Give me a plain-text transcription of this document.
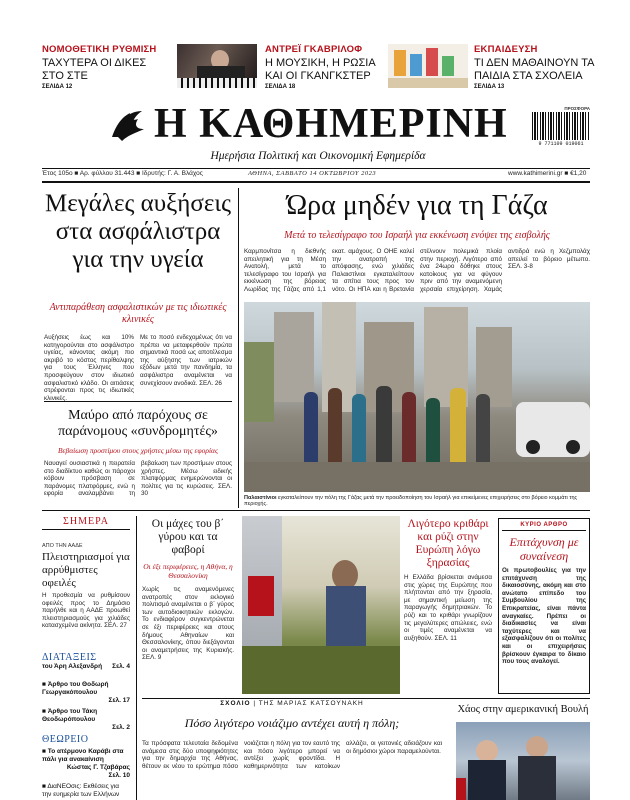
ΝΟΜΟΘΕΤΙΚΗ ΡΥΘΜΙΣΗ
ΤΑΧΥΤΕΡΑ ΟΙ ΔΙΚΕΣ ΣΤΟ ΣΤΕ
ΣΕΛΙΔΑ 12
ΑΝΤΡΕΪ ΓΚΑΒΡΙΛΟΦ
Η ΜΟΥΣΙΚΗ, Η ΡΩΣΙΑ ΚΑΙ ΟΙ ΓΚΑΝΓΚΣΤΕΡ
ΣΕΛΙΔΑ 18
ΕΚΠΑΙΔΕΥΣΗ
ΤΙ ΔΕΝ ΜΑΘΑΙΝΟΥΝ ΤΑ ΠΑΙΔΙΑ ΣΤΑ ΣΧΟΛΕΙΑ
ΣΕΛΙΔΑ 13
Η ΚΑΘΗΜΕΡΙΝΗ
Ημερήσια Πολιτική και Οικονομική Εφημερίδα
ΠΡΟΣΦΟΡΑ
9 771109 019061
Έτος 105ο ■ Αρ. φύλλου 31.443 ■ Ιδρυτής: Γ. Α. Βλάχος	ΑΘΗΝΑ, ΣΑΒΒΑΤΟ 14 ΟΚΤΩΒΡΙΟΥ 2023	www.kathimerini.gr ■ €1,20
Μεγάλες αυξήσεις στα ασφάλιστρα για την υγεία
Αντιπαράθεση ασφαλιστικών με τις ιδιωτικές κλινικές
Αυξήσεις έως και 10% κατηγορούνται στο ασφάλιστρο υγείας, κάνοντας ακόμη πιο ακριβό το κόστος περίθαλψης για τους Έλληνες που προσφεύγουν στον ιδιωτικό ασφαλιστικό κλάδο. Οι αιτιάσεις στρέφονται προς τις ιδιωτικές κλινικές.
Με το ποσό ενδεχομένως ότι να πρέπει να μεταφερθούν πρώτα σημαντικά ποσά ως αποτέλεσμα της αύξησης των ιατρικών εξόδων μετά την πανδημία, τα ασφάλιστρα αναμένεται να συνεχίσουν ανοδικά. ΣΕΛ. 26
Μαύρο από παρόχους σε παράνομους «συνδρομητές»
Βεβαίωση προστίμου στους χρήστες μέσω της εφορίας
Ναυαγεί ουσιαστικά η πειρατεία στο διαδίκτυο καθώς οι πάροχοι κόβουν πρόσβαση σε παράνομες πλατφόρμες, ενώ η εφορία αναλαμβάνει τη βεβαίωση των προστίμων στους χρήστες. Μέσω ειδικής πλατφόρμας ενημερώνονται οι πολίτες για τις κυρώσεις. ΣΕΛ. 30
Ώρα μηδέν για τη Γάζα
Μετά το τελεσίγραφο του Ισραήλ για εκκένωση ενόψει της εισβολής
Καρμπονίτσα η διεθνής απειλητική για τη Μέση Ανατολή, μετά το τελεσίγραφο του Ισραήλ για εκκένωση της βόρειας Λωρίδας της Γάζας από 1,1 εκατ. αμάχους. Ο ΟΗΕ καλεί την ανατροπή της απόφασης, ενώ χιλιάδες Παλαιστίνιοι εγκαταλείπουν τα σπίτια τους προς τον νότο. Οι ΗΠΑ και η Βρετανία στέλνουν πολεμικά πλοία στην περιοχή. Λιγότερο από ένα 24ωρο δόθηκε στους κατοίκους για να φύγουν πριν από την αναμενόμενη χερσαία επιχείρηση. Χαμάς αντιδρά ενώ η Χεζμπολάχ απειλεί το βόρειο μέτωπο. ΣΕΛ. 3-8
Παλαιστίνιοι εγκαταλείπουν την πόλη της Γάζας μετά την προειδοποίηση του Ισραήλ για επικείμενες επιχειρήσεις στο βόρειο κομμάτι της περιοχής.
ΣΗΜΕΡΑ
ΑΠΟ ΤΗΝ ΑΑΔΕ
Πλειστηριασμοί για αρρύθμιστες οφειλές
Η προθεσμία να ρυθμίσουν οφειλές προς το Δημόσιο παρήλθε και η ΑΑΔΕ προωθεί πλειστηριασμούς για χιλιάδες κατασχεμένα ακίνητα. ΣΕΛ. 27
ΔΙΑΤΑΞΕΙΣ
του Άρη Αλεξανδρή Σελ. 4
■ Άρθρο του Θοδωρή Γεωργακόπουλου
Σελ. 17
■ Άρθρο του Τάκη Θεοδωρόπουλου
Σελ. 2
ΘΕΩΡΕΙΟ
■ Το ατέρμονο Καράβι στα πάλι για ανακαίνιση
Κώστας Γ. Τζαβάρας
Σελ. 10
■ ΔιαΝΕΟσις: Εκθέσεις για την ευημερία των Ελλήνων
Οι μάχες του β΄ γύρου και τα φαβορί
Οι έξι περιφέρειες, η Αθήνα, η Θεσσαλονίκη
Χωρίς τις αναμενόμενες ανατροπές στον εκλογικό πολιτισμό αναμένεται ο β΄ γύρος των αυτοδιοικητικών εκλογών. Το ενδιαφέρον συγκεντρώνεται σε έξι περιφέρειες και στους δήμους Αθηναίων και Θεσσαλονίκης, όπου διεξάγονται οι αναμετρήσεις της Κυριακής. ΣΕΛ. 9
Λιγότερο κριθάρι και ρύζι στην Ευρώπη λόγω ξηρασίας
Η Ελλάδα βρίσκεται ανάμεσα στις χώρες της Ευρώπης που πλήττονται από την ξηρασία, με σημαντική μείωση της παραγωγής δημητριακών. Το ρύζι και το κριθάρι γνωρίζουν τις μεγαλύτερες απώλειες, ενώ οι τιμές αναμένεται να αυξηθούν. ΣΕΛ. 11
ΚΥΡΙΟ ΑΡΘΡΟ
Επιτάχυνση με συναίνεση
Οι πρωτοβουλίες για την επιτάχυνση της δικαιοσύνης, ακόμη και στο ανώτατο επίπεδο του Συμβουλίου της Επικρατείας, είναι πάντα αναγκαίες. Πρέπει οι διαδικασίες να είναι ταχύτερες και να εξασφαλίζουν ότι οι πολίτες και οι επιχειρήσεις βρίσκουν έγκαιρα το δίκαιο που τους αναλογεί.
ΣΧΟΛΙΟ | ΤΗΣ ΜΑΡΙΑΣ ΚΑΤΣΟΥΝΑΚΗ
Πόσο λιγότερο νοιάζιμο αντέχει αυτή η πόλη;
Τα πρόσφατα τελευταία δεδομένα ανάμεσα στις δύο υποψηφιότητες για την δημαρχία της Αθήνας, θέτουν εκ νέου το ερώτημα πόσο νοιάζεται η πόλη για τον εαυτό της και πόσο λιγότερο μπορεί να αντέξει χωρίς φροντίδα. Η καθημερινότητα των κατοίκων αλλάζει, οι γειτονιές αδειάζουν και οι δημόσιοι χώροι παραμελούνται.
Χάος στην αμερικανική Βουλή
